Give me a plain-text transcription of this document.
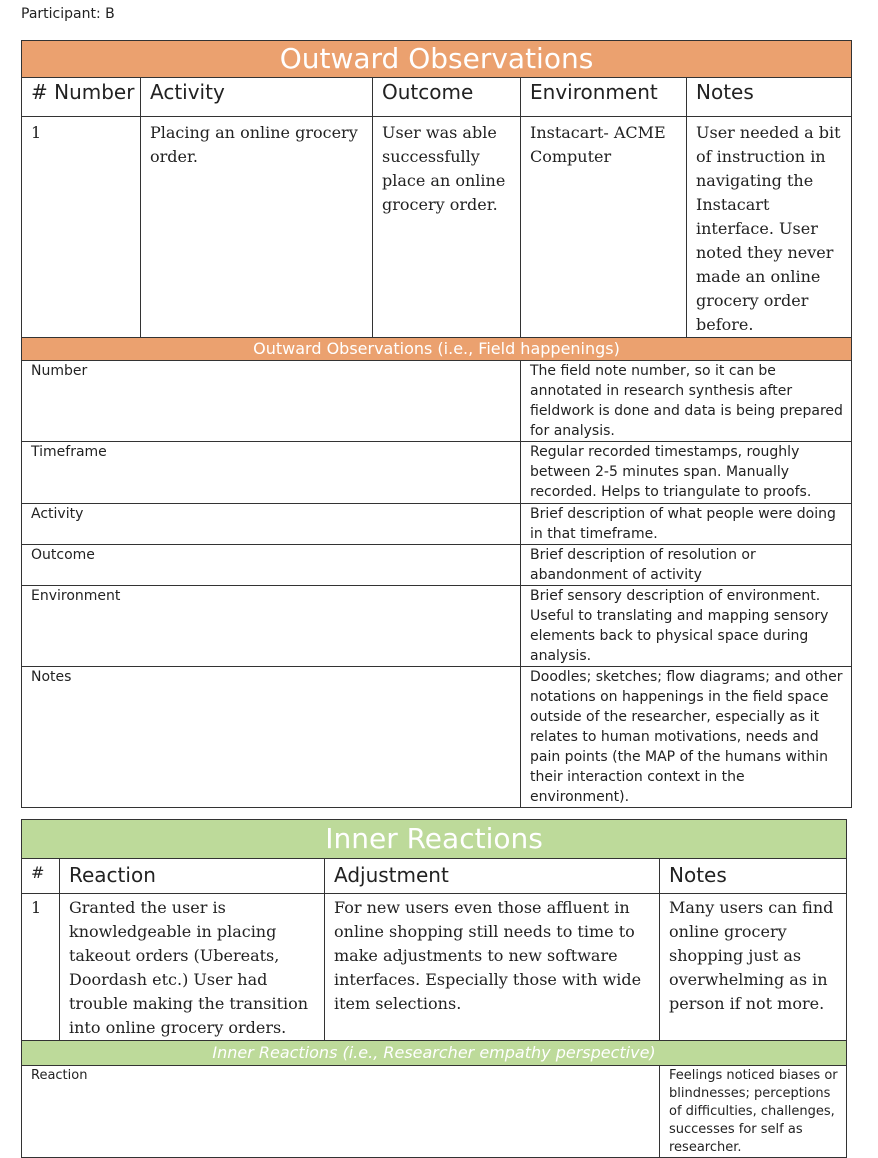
Participant: B
Outward Observations				
# Number	Activity	Outcome	Environment	Notes
1	Placing an online grocery order.	User was able successfully place an online grocery order.	Instacart- ACME Computer	User needed a bit of instruction in navigating the Instacart interface. User noted they never made an online grocery order before.
Outward Observations (i.e., Field happenings)				
Number			The field note number, so it can be annotated in research synthesis after fieldwork is done and data is being prepared for analysis.	
Timeframe			Regular recorded timestamps, roughly between 2-5 minutes span. Manually recorded. Helps to triangulate to proofs.	
Activity			Brief description of what people were doing in that timeframe.	
Outcome			Brief description of resolution or abandonment of activity	
Environment			Brief sensory description of environment. Useful to translating and mapping sensory elements back to physical space during analysis.	
Notes			Doodles; sketches; flow diagrams; and other notations on happenings in the field space outside of the researcher, especially as it relates to human motivations, needs and pain points (the MAP of the humans within their interaction context in the environment).	
Inner Reactions			
#	Reaction	Adjustment	Notes
1	Granted the user is knowledgeable in placing takeout orders (Ubereats, Doordash etc.) User had trouble making the transition into online grocery orders.	For new users even those affluent in online shopping still needs to time to make adjustments to new software interfaces. Especially those with wide item selections.	Many users can find online grocery shopping just as overwhelming as in person if not more.
Inner Reactions (i.e., Researcher empathy perspective)			
Reaction			Feelings noticed biases or blindnesses; perceptions of difficulties, challenges, successes for self as researcher.
